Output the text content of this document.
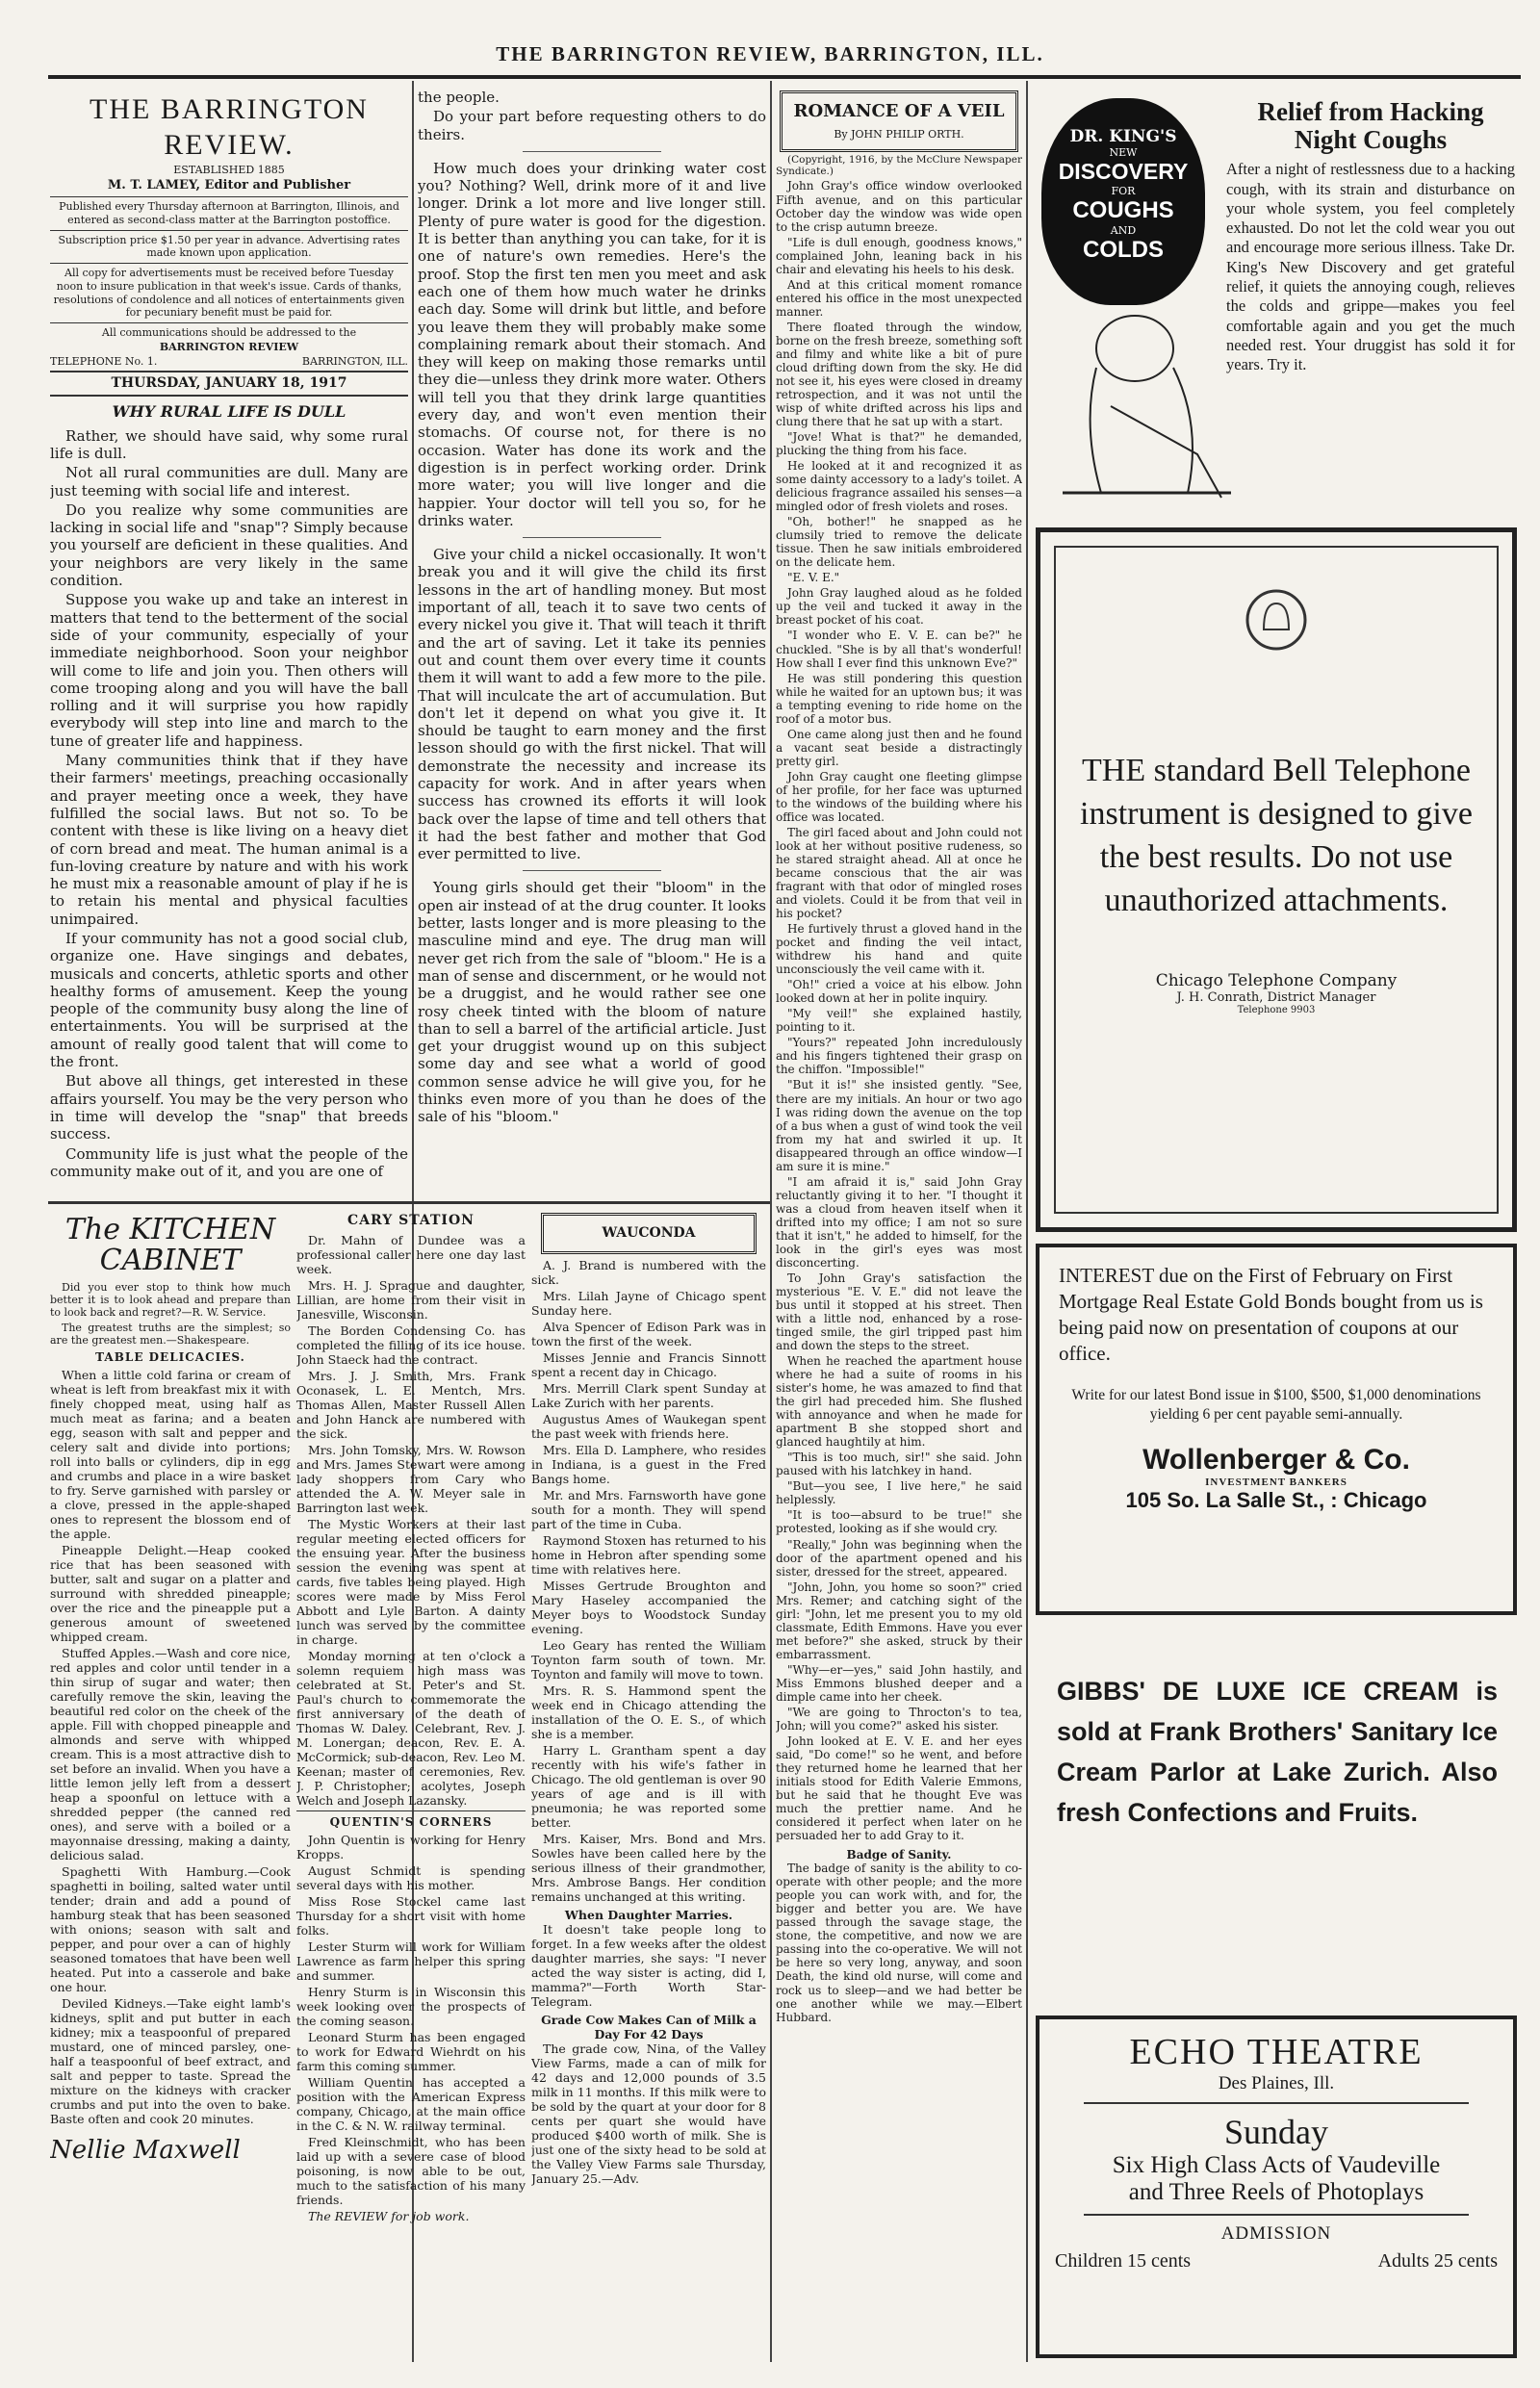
THE BARRINGTON REVIEW, BARRINGTON, ILL.
THE BARRINGTON REVIEW.
ESTABLISHED 1885
M. T. LAMEY, Editor and Publisher
Published every Thursday afternoon at Barrington, Illinois, and entered as second-class matter at the Barrington postoffice.
Subscription price $1.50 per year in advance. Advertising rates made known upon application.
All copy for advertisements must be received before Tuesday noon to insure publication in that week's issue. Cards of thanks, resolutions of condolence and all notices of entertainments given for pecuniary benefit must be paid for.
All communications should be addressed to the
BARRINGTON REVIEW
TELEPHONE No. 1.	BARRINGTON, ILL.
THURSDAY, JANUARY 18, 1917
WHY RURAL LIFE IS DULL

Rather, we should have said, why some rural life is dull.

Not all rural communities are dull. Many are just teeming with social life and interest.

Do you realize why some communities are lacking in social life and "snap"? Simply because you yourself are deficient in these qualities. And your neighbors are very likely in the same condition.

Suppose you wake up and take an interest in matters that tend to the betterment of the social side of your community, especially of your immediate neighborhood. Soon your neighbor will come to life and join you. Then others will come trooping along and you will have the ball rolling and it will surprise you how rapidly everybody will step into line and march to the tune of greater life and happiness.

Many communities think that if they have their farmers' meetings, preaching occasionally and prayer meeting once a week, they have fulfilled the social laws. But not so. To be content with these is like living on a heavy diet of corn bread and meat. The human animal is a fun-loving creature by nature and with his work he must mix a reasonable amount of play if he is to retain his mental and physical faculties unimpaired.

If your community has not a good social club, organize one. Have singings and debates, musicals and concerts, athletic sports and other healthy forms of amusement. Keep the young people of the community busy along the line of entertainments. You will be surprised at the amount of really good talent that will come to the front.

But above all things, get interested in these affairs yourself. You may be the very person who in time will develop the "snap" that breeds success.

Community life is just what the people of the community make out of it, and you are one of

the people.

Do your part before requesting others to do theirs.

How much does your drinking water cost you? Nothing? Well, drink more of it and live longer. Drink a lot more and live longer still. Plenty of pure water is good for the digestion. It is better than anything you can take, for it is one of nature's own remedies. Here's the proof. Stop the first ten men you meet and ask each one of them how much water he drinks each day. Some will drink but little, and before you leave them they will probably make some complaining remark about their stomach. And they will keep on making those remarks until they die—unless they drink more water. Others will tell you that they drink large quantities every day, and won't even mention their stomachs. Of course not, for there is no occasion. Water has done its work and the digestion is in perfect working order. Drink more water; you will live longer and die happier. Your doctor will tell you so, for he drinks water.

Give your child a nickel occasionally. It won't break you and it will give the child its first lessons in the art of handling money. But most important of all, teach it to save two cents of every nickel you give it. That will teach it thrift and the art of saving. Let it take its pennies out and count them over every time it counts them it will want to add a few more to the pile. That will inculcate the art of accumulation. But don't let it depend on what you give it. It should be taught to earn money and the first lesson should go with the first nickel. That will demonstrate the necessity and increase its capacity for work. And in after years when success has crowned its efforts it will look back over the lapse of time and tell others that it had the best father and mother that God ever permitted to live.

Young girls should get their "bloom" in the open air instead of at the drug counter. It looks better, lasts longer and is more pleasing to the masculine mind and eye. The drug man will never get rich from the sale of "bloom." He is a man of sense and discernment, or he would not be a druggist, and he would rather see one rosy cheek tinted with the bloom of nature than to sell a barrel of the artificial article. Just get your druggist wound up on this subject some day and see what a world of good common sense advice he will give you, for he thinks even more of you than he does of the sale of his "bloom."

The KITCHEN CABINET

Did you ever stop to think how much better it is to look ahead and prepare than to look back and regret?—R. W. Service.

The greatest truths are the simplest; so are the greatest men.—Shakespeare.

TABLE DELICACIES.

When a little cold farina or cream of wheat is left from breakfast mix it with finely chopped meat, using half as much meat as farina; and a beaten egg, season with salt and pepper and celery salt and divide into portions; roll into balls or cylinders, dip in egg and crumbs and place in a wire basket to fry. Serve garnished with parsley or a clove, pressed in the apple-shaped ones to represent the blossom end of the apple.

Pineapple Delight.—Heap cooked rice that has been seasoned with butter, salt and sugar on a platter and surround with shredded pineapple; over the rice and the pineapple put a generous amount of sweetened whipped cream.

Stuffed Apples.—Wash and core nice, red apples and color until tender in a thin sirup of sugar and water; then carefully remove the skin, leaving the beautiful red color on the cheek of the apple. Fill with chopped pineapple and almonds and serve with whipped cream. This is a most attractive dish to set before an invalid. When you have a little lemon jelly left from a dessert heap a spoonful on lettuce with a shredded pepper (the canned red ones), and serve with a boiled or a mayonnaise dressing, making a dainty, delicious salad.

Spaghetti With Hamburg.—Cook spaghetti in boiling, salted water until tender; drain and add a pound of hamburg steak that has been seasoned with onions; season with salt and pepper, and pour over a can of highly seasoned tomatoes that have been well heated. Put into a casserole and bake one hour.

Deviled Kidneys.—Take eight lamb's kidneys, split and put butter in each kidney; mix a teaspoonful of prepared mustard, one of minced parsley, one-half a teaspoonful of beef extract, and salt and pepper to taste. Spread the mixture on the kidneys with cracker crumbs and put into the oven to bake. Baste often and cook 20 minutes.

Nellie Maxwell
CARY STATION

Dr. Mahn of Dundee was a professional caller here one day last week.

Mrs. H. J. Sprague and daughter, Lillian, are home from their visit in Janesville, Wisconsin.

The Borden Condensing Co. has completed the filling of its ice house. John Staeck had the contract.

Mrs. J. J. Smith, Mrs. Frank Oconasek, L. E. Mentch, Mrs. Thomas Allen, Master Russell Allen and John Hanck are numbered with the sick.

Mrs. John Tomsky, Mrs. W. Rowson and Mrs. James Stewart were among lady shoppers from Cary who attended the A. W. Meyer sale in Barrington last week.

The Mystic Workers at their last regular meeting elected officers for the ensuing year. After the business session the evening was spent at cards, five tables being played. High scores were made by Miss Ferol Abbott and Lyle Barton. A dainty lunch was served by the committee in charge.

Monday morning at ten o'clock a solemn requiem high mass was celebrated at St. Peter's and St. Paul's church to commemorate the first anniversary of the death of Thomas W. Daley. Celebrant, Rev. J. M. Lonergan; deacon, Rev. E. A. McCormick; sub-deacon, Rev. Leo M. Keenan; master of ceremonies, Rev. J. P. Christopher; acolytes, Joseph Welch and Joseph Lazansky.

QUENTIN'S CORNERS

John Quentin is working for Henry Kropps.

August Schmidt is spending several days with his mother.

Miss Rose Stockel came last Thursday for a short visit with home folks.

Lester Sturm will work for William Lawrence as farm helper this spring and summer.

Henry Sturm is in Wisconsin this week looking over the prospects of the coming season.

Leonard Sturm has been engaged to work for Edward Wiehrdt on his farm this coming summer.

William Quentin has accepted a position with the American Express company, Chicago, at the main office in the C. & N. W. railway terminal.

Fred Kleinschmidt, who has been laid up with a severe case of blood poisoning, is now able to be out, much to the satisfaction of his many friends.

The REVIEW for job work.

WAUCONDA

A. J. Brand is numbered with the sick.

Mrs. Lilah Jayne of Chicago spent Sunday here.

Alva Spencer of Edison Park was in town the first of the week.

Misses Jennie and Francis Sinnott spent a recent day in Chicago.

Mrs. Merrill Clark spent Sunday at Lake Zurich with her parents.

Augustus Ames of Waukegan spent the past week with friends here.

Mrs. Ella D. Lamphere, who resides in Indiana, is a guest in the Fred Bangs home.

Mr. and Mrs. Farnsworth have gone south for a month. They will spend part of the time in Cuba.

Raymond Stoxen has returned to his home in Hebron after spending some time with relatives here.

Misses Gertrude Broughton and Mary Haseley accompanied the Meyer boys to Woodstock Sunday evening.

Leo Geary has rented the William Toynton farm south of town. Mr. Toynton and family will move to town.

Mrs. R. S. Hammond spent the week end in Chicago attending the installation of the O. E. S., of which she is a member.

Harry L. Grantham spent a day recently with his wife's father in Chicago. The old gentleman is over 90 years of age and is ill with pneumonia; he was reported some better.

Mrs. Kaiser, Mrs. Bond and Mrs. Sowles have been called here by the serious illness of their grandmother, Mrs. Ambrose Bangs. Her condition remains unchanged at this writing.

When Daughter Marries.

It doesn't take people long to forget. In a few weeks after the oldest daughter marries, she says: "I never acted the way sister is acting, did I, mamma?"—Forth Worth Star-Telegram.

Grade Cow Makes Can of Milk a Day For 42 Days

The grade cow, Nina, of the Valley View Farms, made a can of milk for 42 days and 12,000 pounds of 3.5 milk in 11 months. If this milk were to be sold by the quart at your door for 8 cents per quart she would have produced $400 worth of milk. She is just one of the sixty head to be sold at the Valley View Farms sale Thursday, January 25.—Adv.

ROMANCE OF A VEIL
By JOHN PHILIP ORTH.

(Copyright, 1916, by the McClure Newspaper Syndicate.)

John Gray's office window overlooked Fifth avenue, and on this particular October day the window was wide open to the crisp autumn breeze.

"Life is dull enough, goodness knows," complained John, leaning back in his chair and elevating his heels to his desk.

And at this critical moment romance entered his office in the most unexpected manner.

There floated through the window, borne on the fresh breeze, something soft and filmy and white like a bit of pure cloud drifting down from the sky. He did not see it, his eyes were closed in dreamy retrospection, and it was not until the wisp of white drifted across his lips and clung there that he sat up with a start.

"Jove! What is that?" he demanded, plucking the thing from his face.

He looked at it and recognized it as some dainty accessory to a lady's toilet. A delicious fragrance assailed his senses—a mingled odor of fresh violets and roses.

"Oh, bother!" he snapped as he clumsily tried to remove the delicate tissue. Then he saw initials embroidered on the delicate hem.

"E. V. E."

John Gray laughed aloud as he folded up the veil and tucked it away in the breast pocket of his coat.

"I wonder who E. V. E. can be?" he chuckled. "She is by all that's wonderful! How shall I ever find this unknown Eve?"

He was still pondering this question while he waited for an uptown bus; it was a tempting evening to ride home on the roof of a motor bus.

One came along just then and he found a vacant seat beside a distractingly pretty girl.

John Gray caught one fleeting glimpse of her profile, for her face was upturned to the windows of the building where his office was located.

The girl faced about and John could not look at her without positive rudeness, so he stared straight ahead. All at once he became conscious that the air was fragrant with that odor of mingled roses and violets. Could it be from that veil in his pocket?

He furtively thrust a gloved hand in the pocket and finding the veil intact, withdrew his hand and quite unconsciously the veil came with it.

"Oh!" cried a voice at his elbow. John looked down at her in polite inquiry.

"My veil!" she explained hastily, pointing to it.

"Yours?" repeated John incredulously and his fingers tightened their grasp on the chiffon. "Impossible!"

"But it is!" she insisted gently. "See, there are my initials. An hour or two ago I was riding down the avenue on the top of a bus when a gust of wind took the veil from my hat and swirled it up. It disappeared through an office window—I am sure it is mine."

"I am afraid it is," said John Gray reluctantly giving it to her. "I thought it was a cloud from heaven itself when it drifted into my office; I am not so sure that it isn't," he added to himself, for the look in the girl's eyes was most disconcerting.

To John Gray's satisfaction the mysterious "E. V. E." did not leave the bus until it stopped at his street. Then with a little nod, enhanced by a rose-tinged smile, the girl tripped past him and down the steps to the street.

When he reached the apartment house where he had a suite of rooms in his sister's home, he was amazed to find that the girl had preceded him. She flushed with annoyance and when he made for apartment B she stopped short and glanced haughtily at him.

"This is too much, sir!" she said. John paused with his latchkey in hand.

"But—you see, I live here," he said helplessly.

"It is too—absurd to be true!" she protested, looking as if she would cry.

"Really," John was beginning when the door of the apartment opened and his sister, dressed for the street, appeared.

"John, John, you home so soon?" cried Mrs. Remer; and catching sight of the girl: "John, let me present you to my old classmate, Edith Emmons. Have you ever met before?" she asked, struck by their embarrassment.

"Why—er—yes," said John hastily, and Miss Emmons blushed deeper and a dimple came into her cheek.

"We are going to Throcton's to tea, John; will you come?" asked his sister.

John looked at E. V. E. and her eyes said, "Do come!" so he went, and before they returned home he learned that her initials stood for Edith Valerie Emmons, but he said that he thought Eve was much the prettier name. And he considered it perfect when later on he persuaded her to add Gray to it.

Badge of Sanity.

The badge of sanity is the ability to co-operate with other people; and the more people you can work with, and for, the bigger and better you are. We have passed through the savage stage, the stone, the competitive, and now we are passing into the co-operative. We will not be here so very long, anyway, and soon Death, the kind old nurse, will come and rock us to sleep—and we had better be one another while we may.—Elbert Hubbard.

DR. KING'S
NEW
DISCOVERY
FOR
COUGHS
AND
COLDS
Relief from Hacking Night Coughs
After a night of restlessness due to a hacking cough, with its strain and disturbance on your whole system, you feel completely exhausted. Do not let the cold wear you out and encourage more serious illness. Take Dr. King's New Discovery and get grateful relief, it quiets the annoying cough, relieves the colds and grippe—makes you feel comfortable again and you get the much needed rest. Your druggist has sold it for years. Try it.
THE standard Bell Telephone instrument is designed to give the best results. Do not use unauthorized attachments.
Chicago Telephone Company
J. H. Conrath, District Manager
Telephone 9903
INTEREST due on the First of February on First Mortgage Real Estate Gold Bonds bought from us is being paid now on presentation of coupons at our office.
Write for our latest Bond issue in $100, $500, $1,000 denominations yielding 6 per cent payable semi-annually.
Wollenberger & Co.
INVESTMENT BANKERS
105 So. La Salle St., : Chicago
GIBBS' DE LUXE ICE CREAM is sold at Frank Brothers' Sanitary Ice Cream Parlor at Lake Zurich. Also fresh Confections and Fruits.
ECHO THEATRE
Des Plaines, Ill.
Sunday
Six High Class Acts of Vaudeville
and Three Reels of Photoplays
ADMISSION
Children 15 cents	Adults 25 cents
